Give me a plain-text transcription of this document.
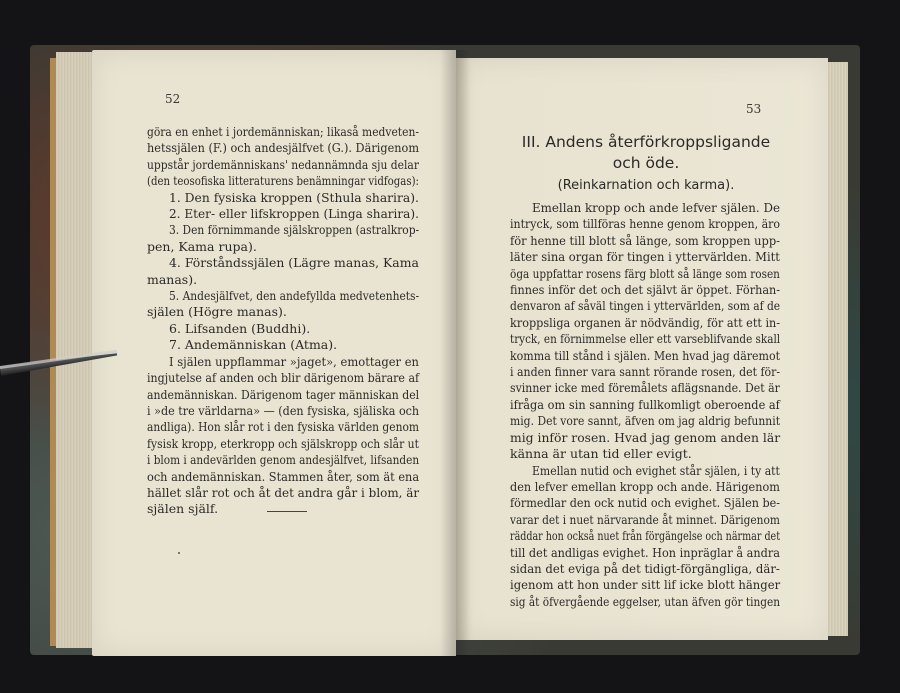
52
göra en enhet i jordemänniskan; likaså medveten-
hetssjälen (F.) och andesjälfvet (G.). Därigenom
uppstår jordemänniskans' nedannämnda sju delar
(den teosofiska litteraturens benämningar vidfogas):
1. Den fysiska kroppen (Sthula sharira).
2. Eter- eller lifskroppen (Linga sharira).
3. Den förnimmande själskroppen (astralkrop-
pen, Kama rupa).
4. Förståndssjälen (Lägre manas, Kama
manas).
5. Andesjälfvet, den andefyllda medvetenhets-
själen (Högre manas).
6. Lifsanden (Buddhi).
7. Andemänniskan (Atma).
I själen uppflammar »jaget», emottager en
ingjutelse af anden och blir därigenom bärare af
andemänniskan. Därigenom tager människan del
i »de tre världarna» — (den fysiska, själiska och
andliga). Hon slår rot i den fysiska världen genom
fysisk kropp, eterkropp och själskropp och slår ut
i blom i andevärlden genom andesjälfvet, lifsanden
och andemänniskan. Stammen åter, som ät ena
hället slår rot och åt det andra går i blom, är
själen själf.
53
III. Andens återförkroppsligande
och öde.
(Reinkarnation och karma).
Emellan kropp och ande lefver själen. De
intryck, som tillföras henne genom kroppen, äro
för henne till blott så länge, som kroppen upp-
läter sina organ för tingen i yttervärlden. Mitt
öga uppfattar rosens färg blott så länge som rosen
finnes inför det och det självt är öppet. Förhan-
denvaron af såväl tingen i yttervärlden, som af de
kroppsliga organen är nödvändig, för att ett in-
tryck, en förnimmelse eller ett varseblifvande skall
komma till stånd i själen. Men hvad jag däremot
i anden finner vara sannt rörande rosen, det för-
svinner icke med föremålets aflägsnande. Det är
ifråga om sin sanning fullkomligt oberoende af
mig. Det vore sannt, äfven om jag aldrig befunnit
mig inför rosen. Hvad jag genom anden lär
känna är utan tid eller evigt.
Emellan nutid och evighet står själen, i ty att
den lefver emellan kropp och ande. Härigenom
förmedlar den ock nutid och evighet. Själen be-
varar det i nuet närvarande åt minnet. Därigenom
räddar hon också nuet från förgängelse och närmar det
till det andligas evighet. Hon inpräglar å andra
sidan det eviga på det tidigt-förgängliga, där-
igenom att hon under sitt lif icke blott hänger
sig åt öfvergående eggelser, utan äfven gör tingen
